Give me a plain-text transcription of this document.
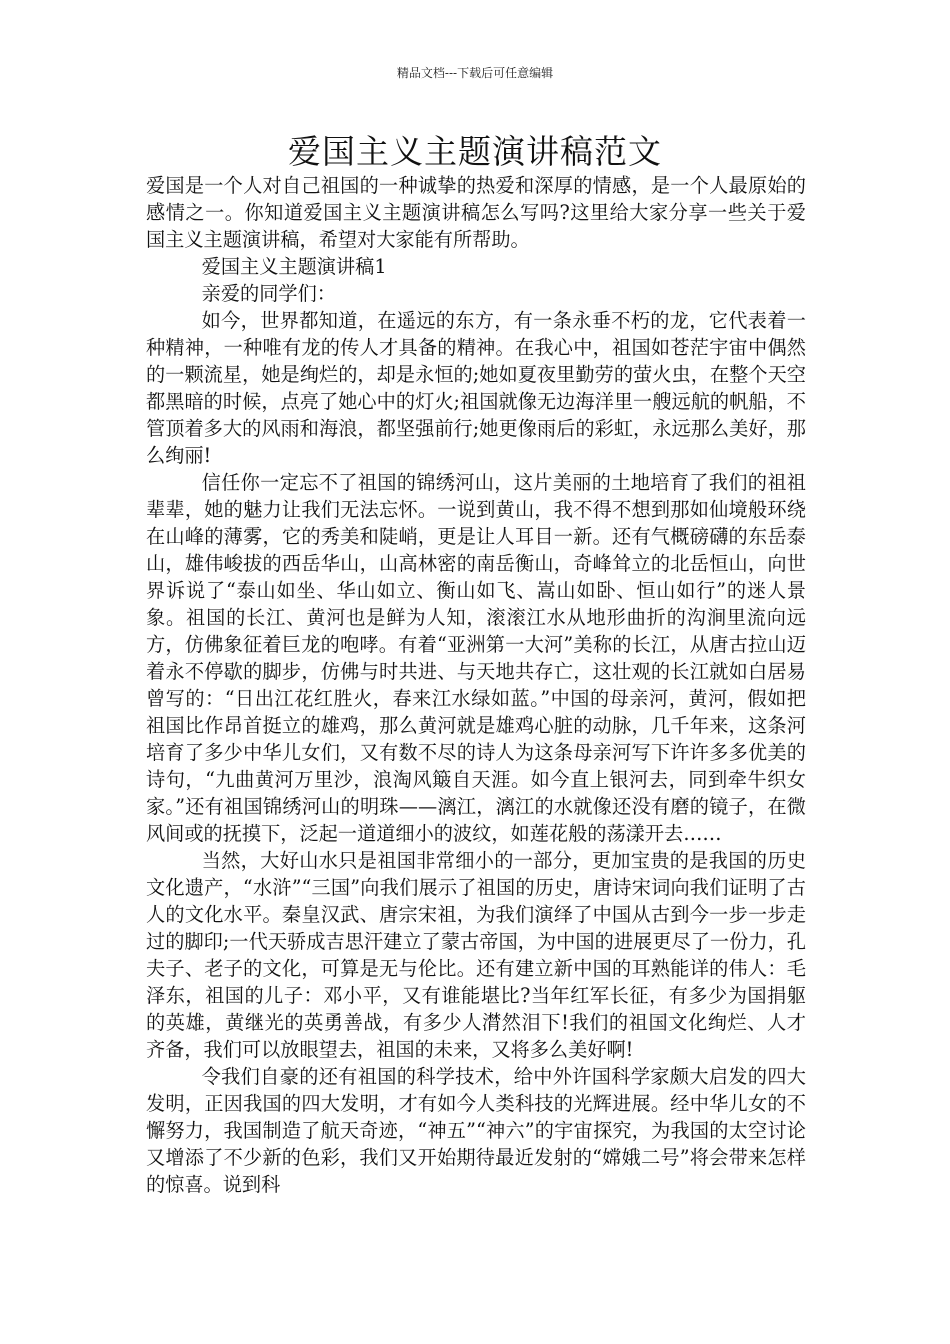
精品文档---下载后可任意编辑
爱国主义主题演讲稿范文

爱国是一个人对自己祖国的一种诚挚的热爱和深厚的情感，是一个人最原始的感情之一。你知道爱国主义主题演讲稿怎么写吗?这里给大家分享一些关于爱国主义主题演讲稿，希望对大家能有所帮助。

爱国主义主题演讲稿1

亲爱的同学们：

如今，世界都知道，在遥远的东方，有一条永垂不朽的龙，它代表着一种精神，一种唯有龙的传人才具备的精神。在我心中，祖国如苍茫宇宙中偶然的一颗流星，她是绚烂的，却是永恒的;她如夏夜里勤劳的萤火虫，在整个天空都黑暗的时候，点亮了她心中的灯火;祖国就像无边海洋里一艘远航的帆船，不管顶着多大的风雨和海浪，都坚强前行;她更像雨后的彩虹，永远那么美好，那么绚丽!

信任你一定忘不了祖国的锦绣河山，这片美丽的土地培育了我们的祖祖辈辈，她的魅力让我们无法忘怀。一说到黄山，我不得不想到那如仙境般环绕在山峰的薄雾，它的秀美和陡峭，更是让人耳目一新。还有气概磅礴的东岳泰山，雄伟峻拔的西岳华山，山高林密的南岳衡山，奇峰耸立的北岳恒山，向世界诉说了“泰山如坐、华山如立、衡山如飞、嵩山如卧、恒山如行”的迷人景象。祖国的长江、黄河也是鲜为人知，滚滚江水从地形曲折的沟涧里流向远方，仿佛象征着巨龙的咆哮。有着“亚洲第一大河”美称的长江，从唐古拉山迈着永不停歇的脚步，仿佛与时共进、与天地共存亡，这壮观的长江就如白居易曾写的：“日出江花红胜火，春来江水绿如蓝。”中国的母亲河，黄河，假如把祖国比作昂首挺立的雄鸡，那么黄河就是雄鸡心脏的动脉，几千年来，这条河培育了多少中华儿女们，又有数不尽的诗人为这条母亲河写下许许多多优美的诗句，“九曲黄河万里沙，浪淘风簸自天涯。如今直上银河去，同到牵牛织女家。”还有祖国锦绣河山的明珠——漓江，漓江的水就像还没有磨的镜子，在微风间或的抚摸下，泛起一道道细小的波纹，如莲花般的荡漾开去……

当然，大好山水只是祖国非常细小的一部分，更加宝贵的是我国的历史文化遗产，“水浒”“三国”向我们展示了祖国的历史，唐诗宋词向我们证明了古人的文化水平。秦皇汉武、唐宗宋祖，为我们演绎了中国从古到今一步一步走过的脚印;一代天骄成吉思汗建立了蒙古帝国，为中国的进展更尽了一份力，孔夫子、老子的文化，可算是无与伦比。还有建立新中国的耳熟能详的伟人：毛泽东，祖国的儿子：邓小平，又有谁能堪比?当年红军长征，有多少为国捐躯的英雄，黄继光的英勇善战，有多少人潸然泪下!我们的祖国文化绚烂、人才齐备，我们可以放眼望去，祖国的未来，又将多么美好啊!

令我们自豪的还有祖国的科学技术，给中外许国科学家颇大启发的四大发明，正因我国的四大发明，才有如今人类科技的光辉进展。经中华儿女的不懈努力，我国制造了航天奇迹，“神五”“神六”的宇宙探究，为我国的太空讨论又增添了不少新的色彩，我们又开始期待最近发射的“嫦娥二号”将会带来怎样的惊喜。说到科
